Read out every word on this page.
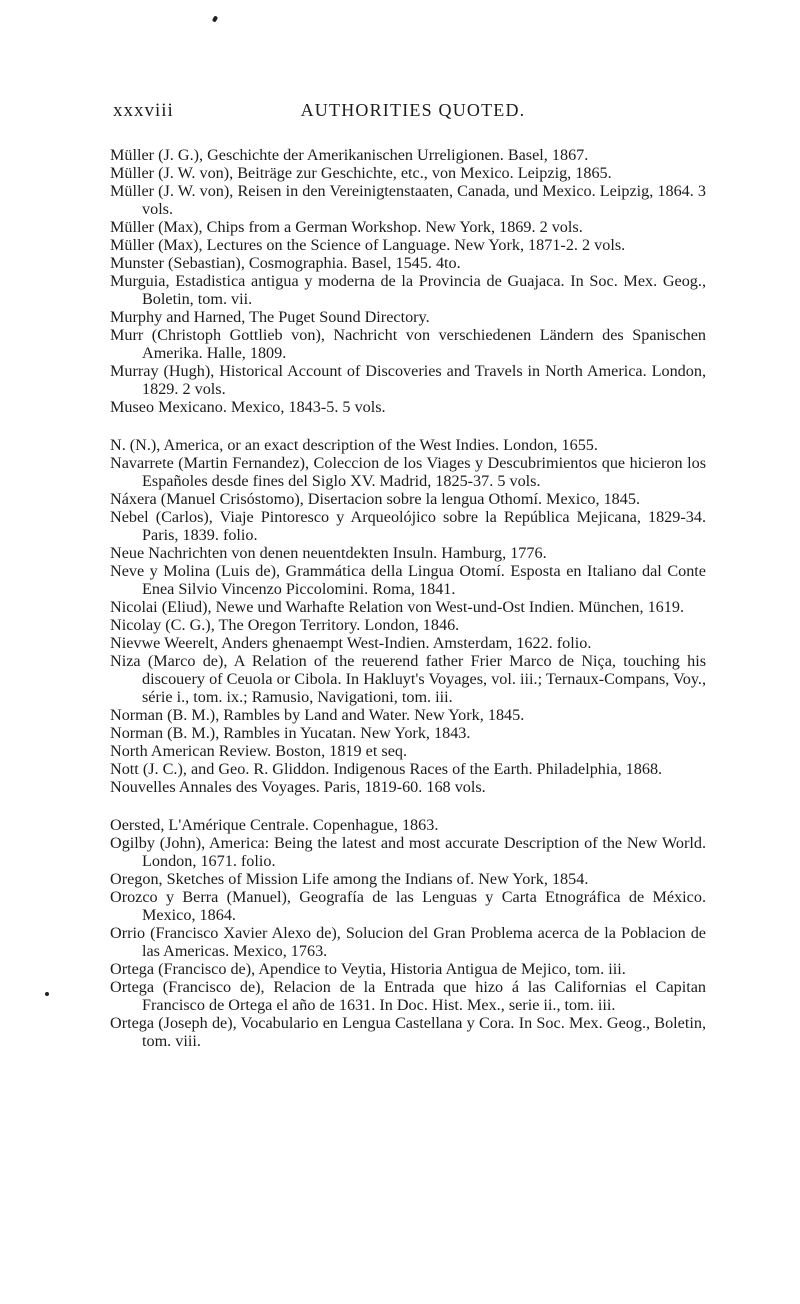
xxxviii	AUTHORITIES QUOTED.

Müller (J. G.), Geschichte der Amerikanischen Urreligionen. Basel, 1867.

Müller (J. W. von), Beiträge zur Geschichte, etc., von Mexico. Leipzig, 1865.

Müller (J. W. von), Reisen in den Vereinigtenstaaten, Canada, und Mexico. Leipzig, 1864. 3 vols.

Müller (Max), Chips from a German Workshop. New York, 1869. 2 vols.

Müller (Max), Lectures on the Science of Language. New York, 1871-2. 2 vols.

Munster (Sebastian), Cosmographia. Basel, 1545. 4to.

Murguia, Estadistica antigua y moderna de la Provincia de Guajaca. In Soc. Mex. Geog., Boletin, tom. vii.

Murphy and Harned, The Puget Sound Directory.

Murr (Christoph Gottlieb von), Nachricht von verschiedenen Ländern des Spanischen Amerika. Halle, 1809.

Murray (Hugh), Historical Account of Discoveries and Travels in North America. London, 1829. 2 vols.

Museo Mexicano. Mexico, 1843-5. 5 vols.

N. (N.), America, or an exact description of the West Indies. London, 1655.

Navarrete (Martin Fernandez), Coleccion de los Viages y Descubrimientos que hicieron los Españoles desde fines del Siglo XV. Madrid, 1825-37. 5 vols.

Náxera (Manuel Crisóstomo), Disertacion sobre la lengua Othomí. Mexico, 1845.

Nebel (Carlos), Viaje Pintoresco y Arqueolójico sobre la República Mejicana, 1829-34. Paris, 1839. folio.

Neue Nachrichten von denen neuentdekten Insuln. Hamburg, 1776.

Neve y Molina (Luis de), Grammática della Lingua Otomí. Esposta en Italiano dal Conte Enea Silvio Vincenzo Piccolomini. Roma, 1841.

Nicolai (Eliud), Newe und Warhafte Relation von West-und-Ost Indien. München, 1619.

Nicolay (C. G.), The Oregon Territory. London, 1846.

Nievwe Weerelt, Anders ghenaempt West-Indien. Amsterdam, 1622. folio.

Niza (Marco de), A Relation of the reuerend father Frier Marco de Niça, touching his discouery of Ceuola or Cibola. In Hakluyt's Voyages, vol. iii.; Ternaux-Compans, Voy., série i., tom. ix.; Ramusio, Navigationi, tom. iii.

Norman (B. M.), Rambles by Land and Water. New York, 1845.

Norman (B. M.), Rambles in Yucatan. New York, 1843.

North American Review. Boston, 1819 et seq.

Nott (J. C.), and Geo. R. Gliddon. Indigenous Races of the Earth. Philadelphia, 1868.

Nouvelles Annales des Voyages. Paris, 1819-60. 168 vols.

Oersted, L'Amérique Centrale. Copenhague, 1863.

Ogilby (John), America: Being the latest and most accurate Description of the New World. London, 1671. folio.

Oregon, Sketches of Mission Life among the Indians of. New York, 1854.

Orozco y Berra (Manuel), Geografía de las Lenguas y Carta Etnográfica de México. Mexico, 1864.

Orrio (Francisco Xavier Alexo de), Solucion del Gran Problema acerca de la Poblacion de las Americas. Mexico, 1763.

Ortega (Francisco de), Apendice to Veytia, Historia Antigua de Mejico, tom. iii.

Ortega (Francisco de), Relacion de la Entrada que hizo á las Californias el Capitan Francisco de Ortega el año de 1631. In Doc. Hist. Mex., serie ii., tom. iii.

Ortega (Joseph de), Vocabulario en Lengua Castellana y Cora. In Soc. Mex. Geog., Boletin, tom. viii.
